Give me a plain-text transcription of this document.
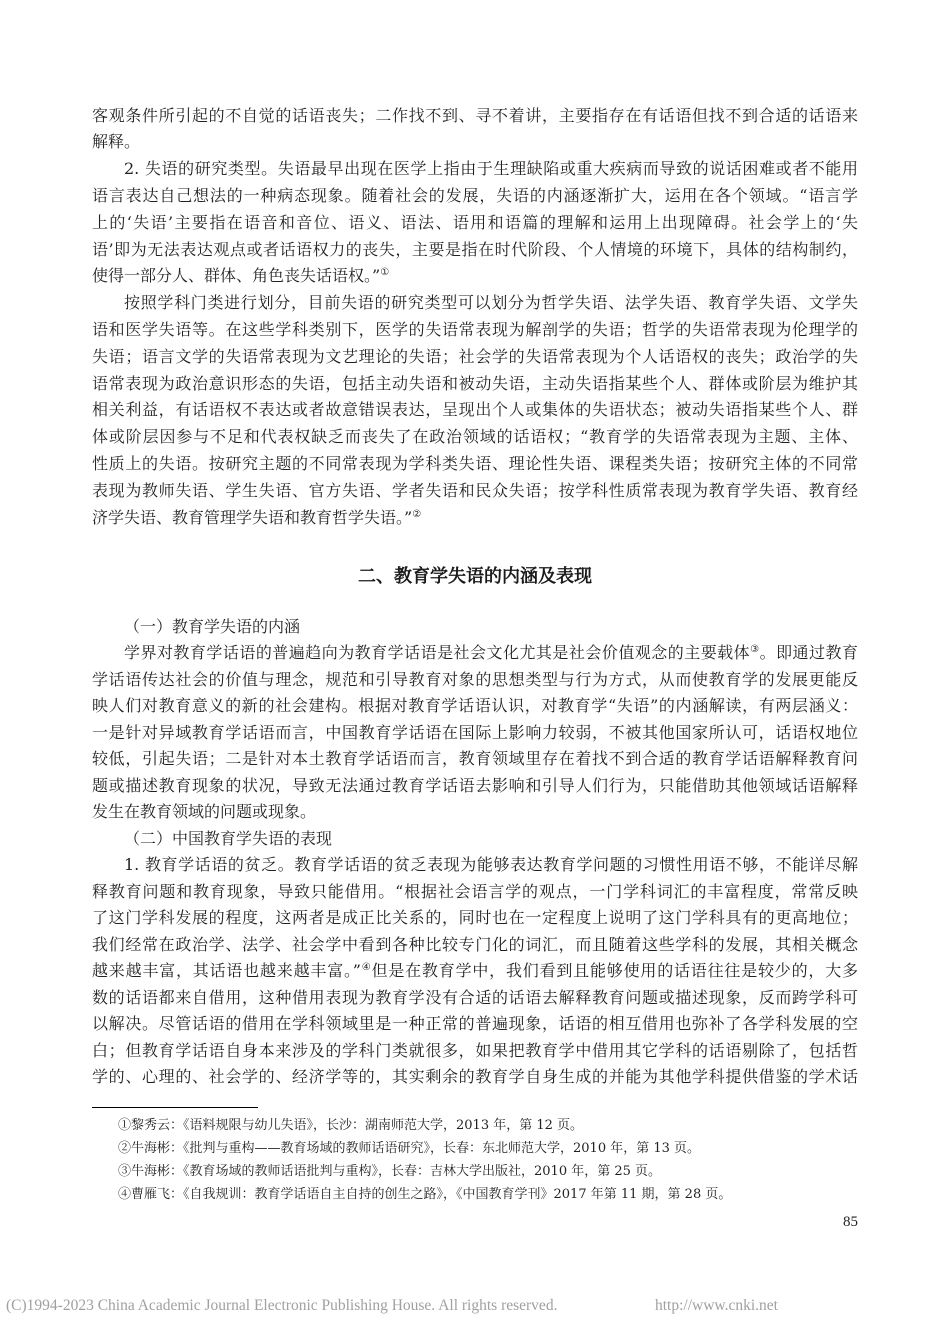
客观条件所引起的不自觉的话语丧失；二作找不到、寻不着讲，主要指存在有话语但找不到合适的话语来
解释。
2. 失语的研究类型。失语最早出现在医学上指由于生理缺陷或重大疾病而导致的说话困难或者不能用
语言表达自己想法的一种病态现象。随着社会的发展，失语的内涵逐渐扩大，运用在各个领域。“语言学
上的‘失语’主要指在语音和音位、语义、语法、语用和语篇的理解和运用上出现障碍。社会学上的‘失
语’即为无法表达观点或者话语权力的丧失，主要是指在时代阶段、个人情境的环境下，具体的结构制约，
使得一部分人、群体、角色丧失话语权。”①
按照学科门类进行划分，目前失语的研究类型可以划分为哲学失语、法学失语、教育学失语、文学失
语和医学失语等。在这些学科类别下，医学的失语常表现为解剖学的失语；哲学的失语常表现为伦理学的
失语；语言文学的失语常表现为文艺理论的失语；社会学的失语常表现为个人话语权的丧失；政治学的失
语常表现为政治意识形态的失语，包括主动失语和被动失语，主动失语指某些个人、群体或阶层为维护其
相关利益，有话语权不表达或者故意错误表达，呈现出个人或集体的失语状态；被动失语指某些个人、群
体或阶层因参与不足和代表权缺乏而丧失了在政治领域的话语权；“教育学的失语常表现为主题、主体、
性质上的失语。按研究主题的不同常表现为学科类失语、理论性失语、课程类失语；按研究主体的不同常
表现为教师失语、学生失语、官方失语、学者失语和民众失语；按学科性质常表现为教育学失语、教育经
济学失语、教育管理学失语和教育哲学失语。”②
二、教育学失语的内涵及表现
（一）教育学失语的内涵
学界对教育学话语的普遍趋向为教育学话语是社会文化尤其是社会价值观念的主要载体③。即通过教育
学话语传达社会的价值与理念，规范和引导教育对象的思想类型与行为方式，从而使教育学的发展更能反
映人们对教育意义的新的社会建构。根据对教育学话语认识，对教育学“失语”的内涵解读，有两层涵义：
一是针对异域教育学话语而言，中国教育学话语在国际上影响力较弱，不被其他国家所认可，话语权地位
较低，引起失语；二是针对本土教育学话语而言，教育领域里存在着找不到合适的教育学话语解释教育问
题或描述教育现象的状况，导致无法通过教育学话语去影响和引导人们行为，只能借助其他领域话语解释
发生在教育领域的问题或现象。
（二）中国教育学失语的表现
1. 教育学话语的贫乏。教育学话语的贫乏表现为能够表达教育学问题的习惯性用语不够，不能详尽解
释教育问题和教育现象，导致只能借用。“根据社会语言学的观点，一门学科词汇的丰富程度，常常反映
了这门学科发展的程度，这两者是成正比关系的，同时也在一定程度上说明了这门学科具有的更高地位；
我们经常在政治学、法学、社会学中看到各种比较专门化的词汇，而且随着这些学科的发展，其相关概念
越来越丰富，其话语也越来越丰富。”④但是在教育学中，我们看到且能够使用的话语往往是较少的，大多
数的话语都来自借用，这种借用表现为教育学没有合适的话语去解释教育问题或描述现象，反而跨学科可
以解决。尽管话语的借用在学科领域里是一种正常的普遍现象，话语的相互借用也弥补了各学科发展的空
白；但教育学话语自身本来涉及的学科门类就很多，如果把教育学中借用其它学科的话语剔除了，包括哲
学的、心理的、社会学的、经济学等的，其实剩余的教育学自身生成的并能为其他学科提供借鉴的学术话
①黎秀云：《语料规限与幼儿失语》，长沙：湖南师范大学，2013 年，第 12 页。
②牛海彬：《批判与重构——教育场域的教师话语研究》，长春：东北师范大学，2010 年，第 13 页。
③牛海彬：《教育场域的教师话语批判与重构》，长春：吉林大学出版社，2010 年，第 25 页。
④曹雁飞：《自我规训：教育学话语自主自持的创生之路》，《中国教育学刊》2017 年第 11 期，第 28 页。
85
(C)1994-2023 China Academic Journal Electronic Publishing House. All rights reserved.	http://www.cnki.net
